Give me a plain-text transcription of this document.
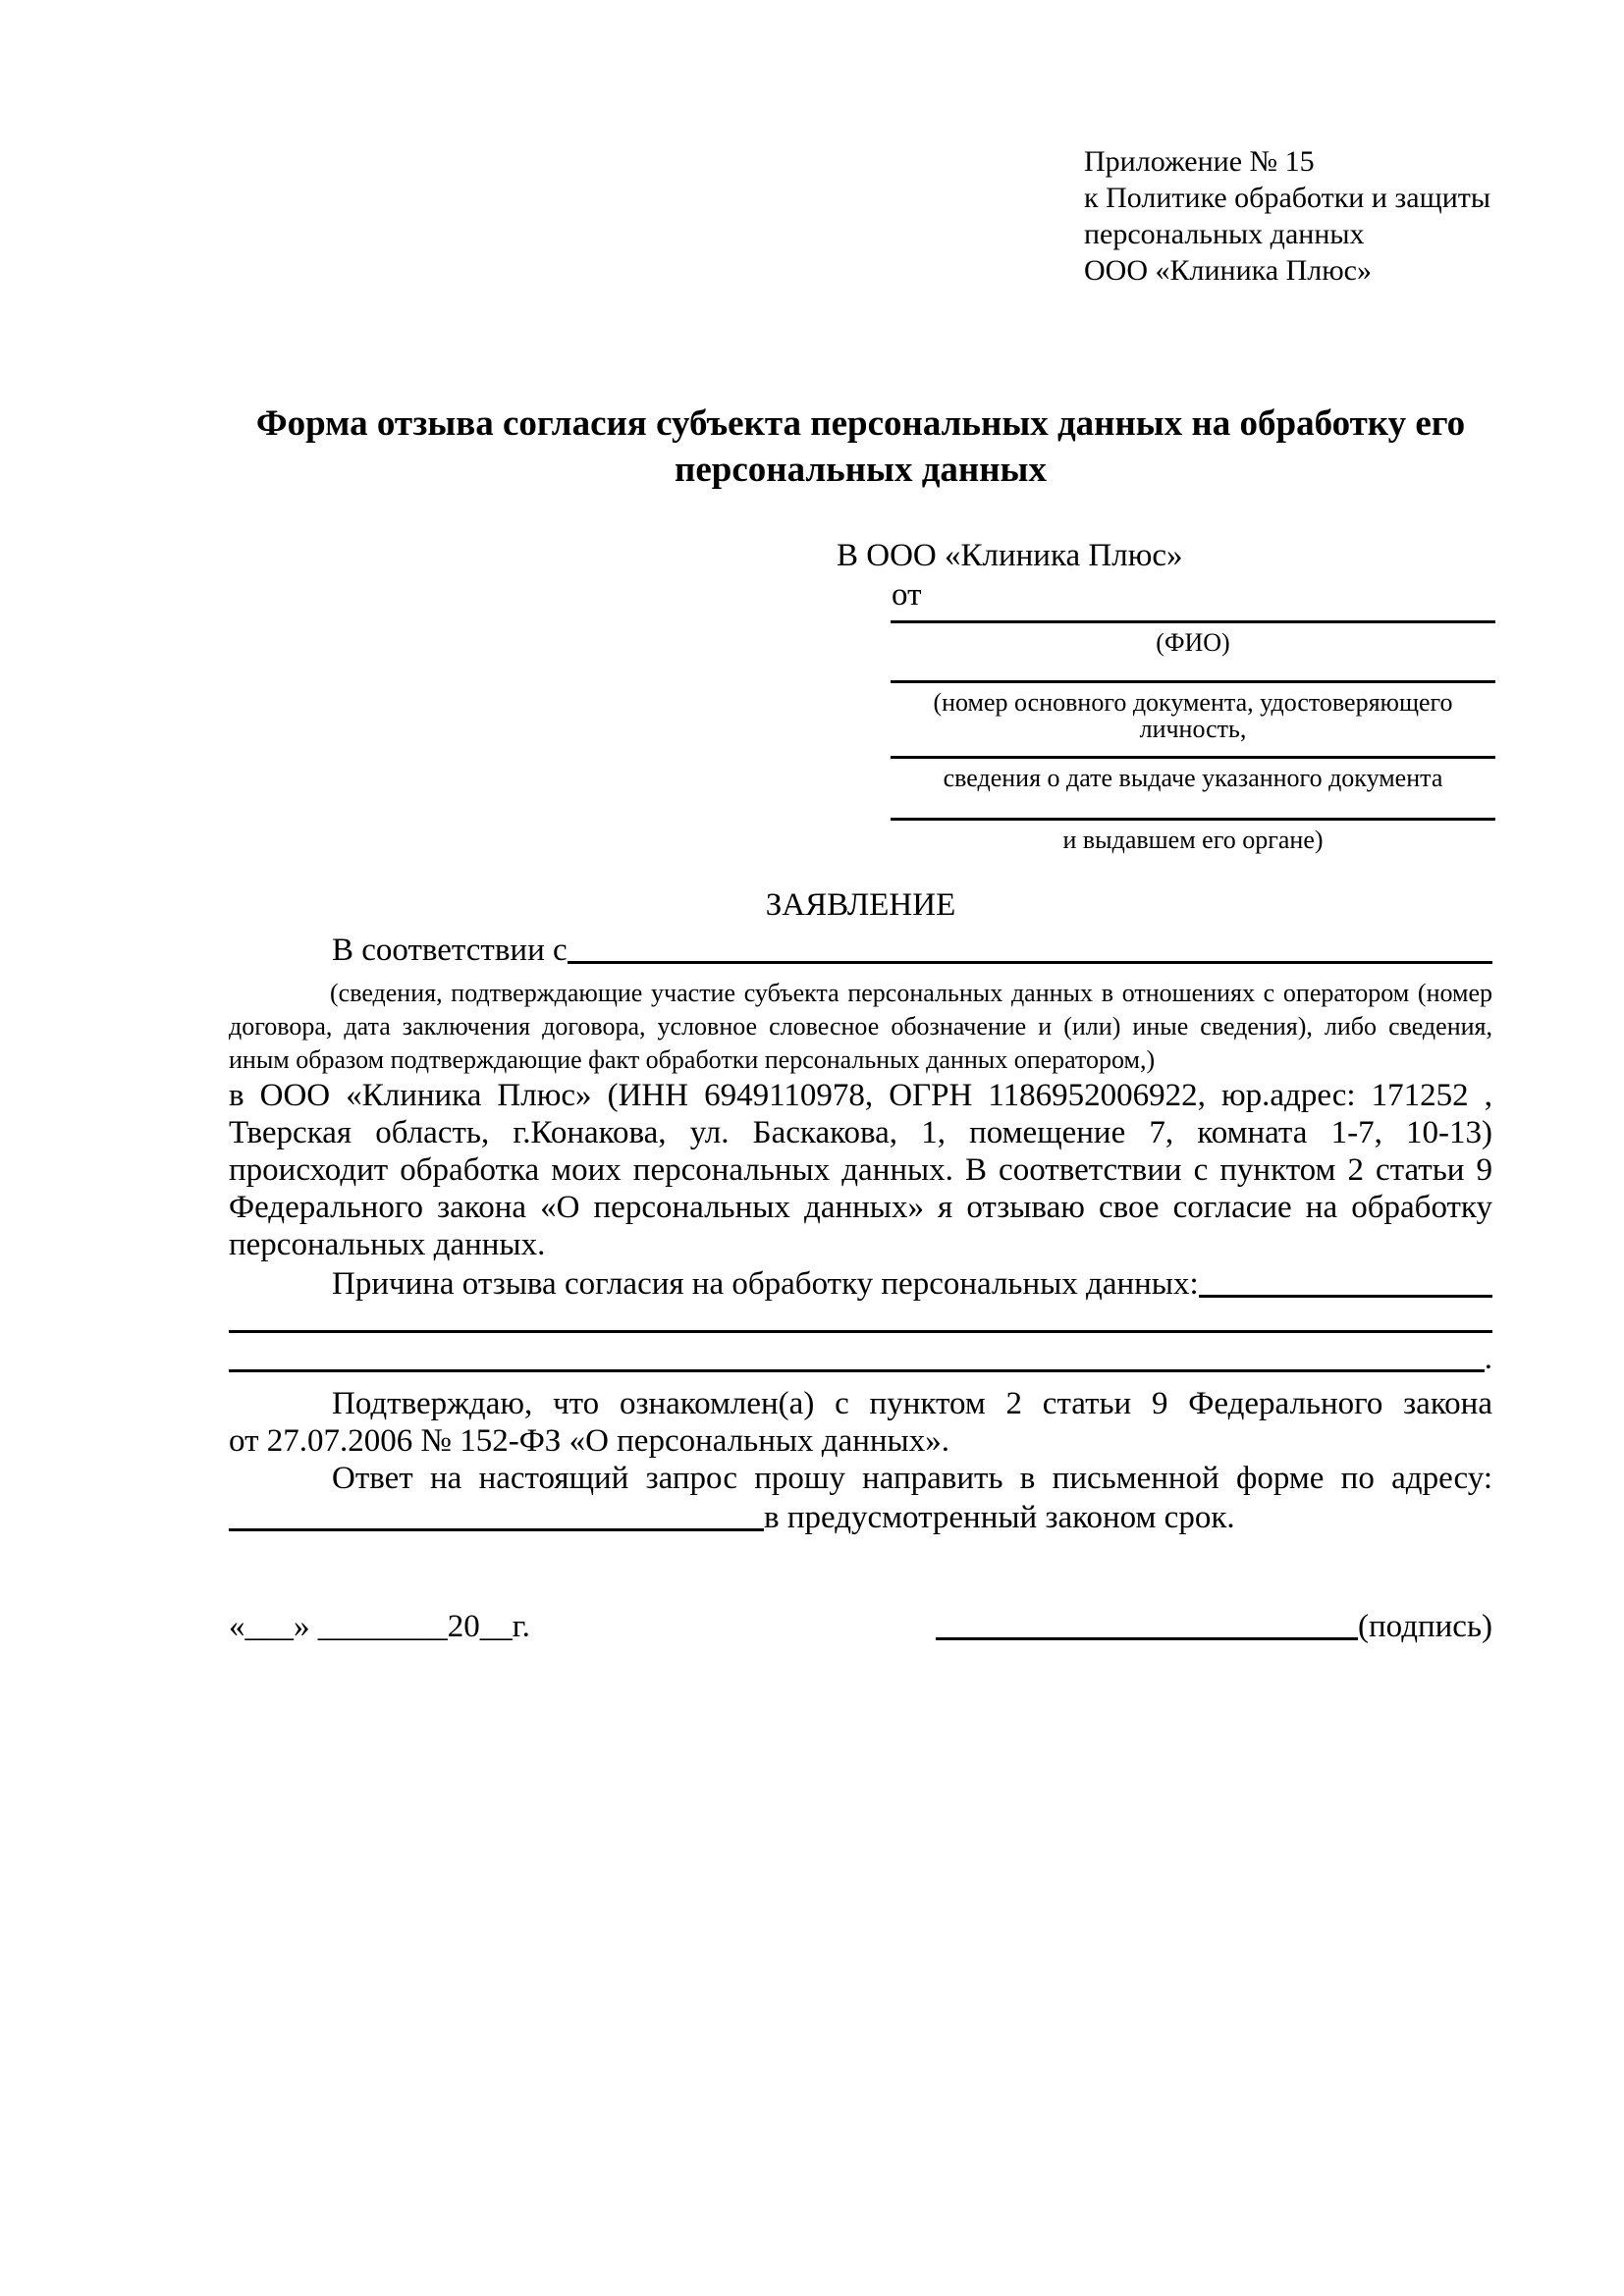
Приложение № 15
к Политике обработки и защиты
персональных данных
ООО «Клиника Плюс»
Форма отзыва согласия субъекта персональных данных на обработку его персональных данных
В ООО «Клиника Плюс»
от
(ФИО)
(номер основного документа, удостоверяющего личность,
сведения о дате выдаче указанного документа
и выдавшем его органе)
ЗАЯВЛЕНИЕ
В соответствии с

(сведения, подтверждающие участие субъекта персональных данных в отношениях с оператором (номер договора, дата заключения договора, условное словесное обозначение и (или) иные сведения), либо сведения, иным образом подтверждающие факт обработки персональных данных оператором,)

в ООО «Клиника Плюс» (ИНН 6949110978, ОГРН 1186952006922, юр.адрес: 171252 , Тверская область, г.Конакова, ул. Баскакова, 1, помещение 7, комната 1-7, 10-13) происходит обработка моих персональных данных. В соответствии с пунктом 2 статьи 9 Федерального закона «О персональных данных» я отзываю свое согласие на обработку персональных данных.

Причина отзыва согласия на обработку персональных данных:
.

Подтверждаю, что ознакомлен(а) с пунктом 2 статьи 9 Федерального закона от 27.07.2006 № 152-ФЗ «О персональных данных».

Ответ на настоящий запрос прошу направить в письменной форме по адресу:

в предусмотренный законом срок.
«___» ________20__г.	(подпись)
